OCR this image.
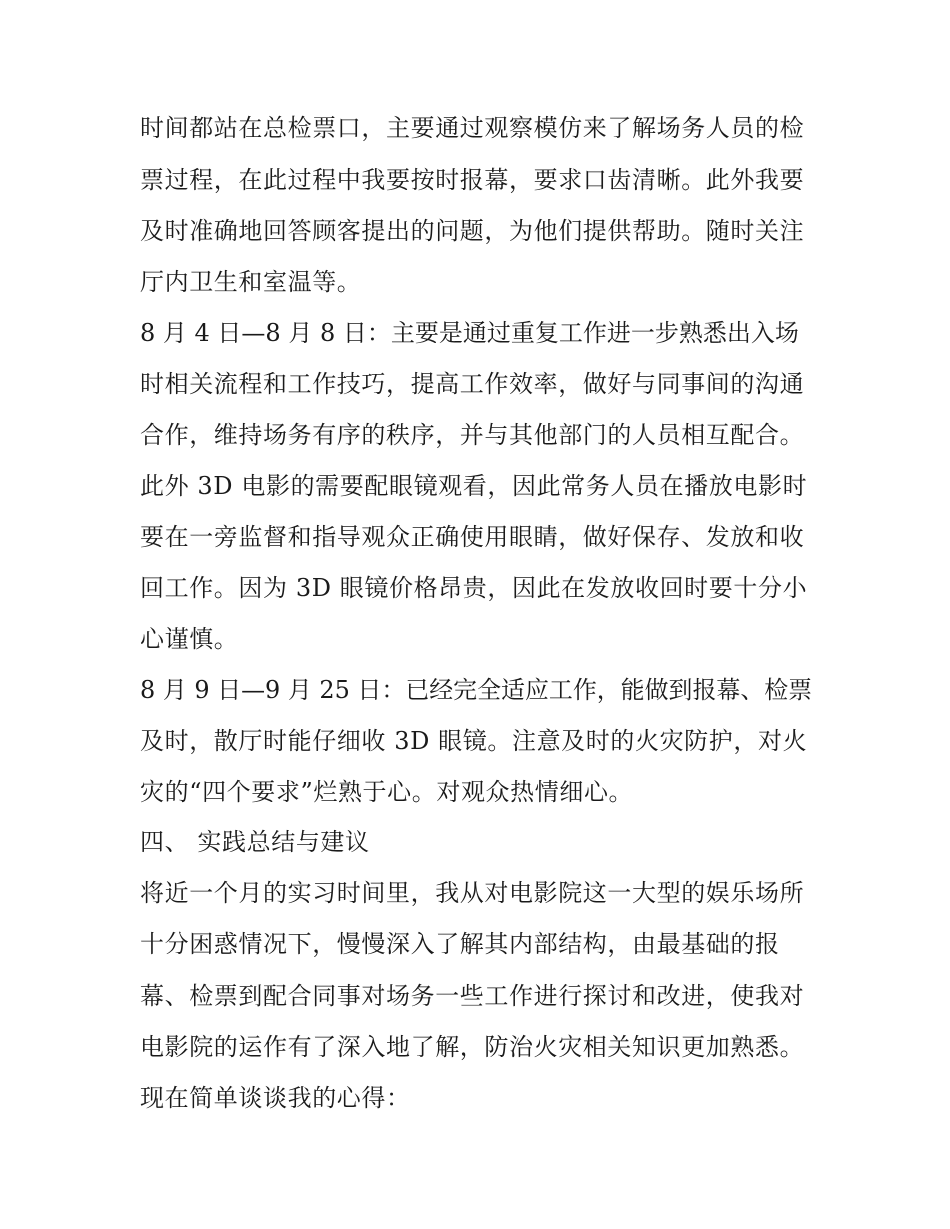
时间都站在总检票口，主要通过观察模仿来了解场务人员的检
票过程，在此过程中我要按时报幕，要求口齿清晰。此外我要
及时准确地回答顾客提出的问题，为他们提供帮助。随时关注
厅内卫生和室温等。
8 月 4 日—8 月 8 日：主要是通过重复工作进一步熟悉出入场
时相关流程和工作技巧，提高工作效率，做好与同事间的沟通
合作，维持场务有序的秩序，并与其他部门的人员相互配合。
此外 3D 电影的需要配眼镜观看，因此常务人员在播放电影时
要在一旁监督和指导观众正确使用眼睛，做好保存、发放和收
回工作。因为 3D 眼镜价格昂贵，因此在发放收回时要十分小
心谨慎。
8 月 9 日—9 月 25 日：已经完全适应工作，能做到报幕、检票
及时，散厅时能仔细收 3D 眼镜。注意及时的火灾防护，对火
灾的“四个要求”烂熟于心。对观众热情细心。
四、 实践总结与建议
将近一个月的实习时间里，我从对电影院这一大型的娱乐场所
十分困惑情况下，慢慢深入了解其内部结构，由最基础的报
幕、检票到配合同事对场务一些工作进行探讨和改进，使我对
电影院的运作有了深入地了解，防治火灾相关知识更加熟悉。
现在简单谈谈我的心得：
